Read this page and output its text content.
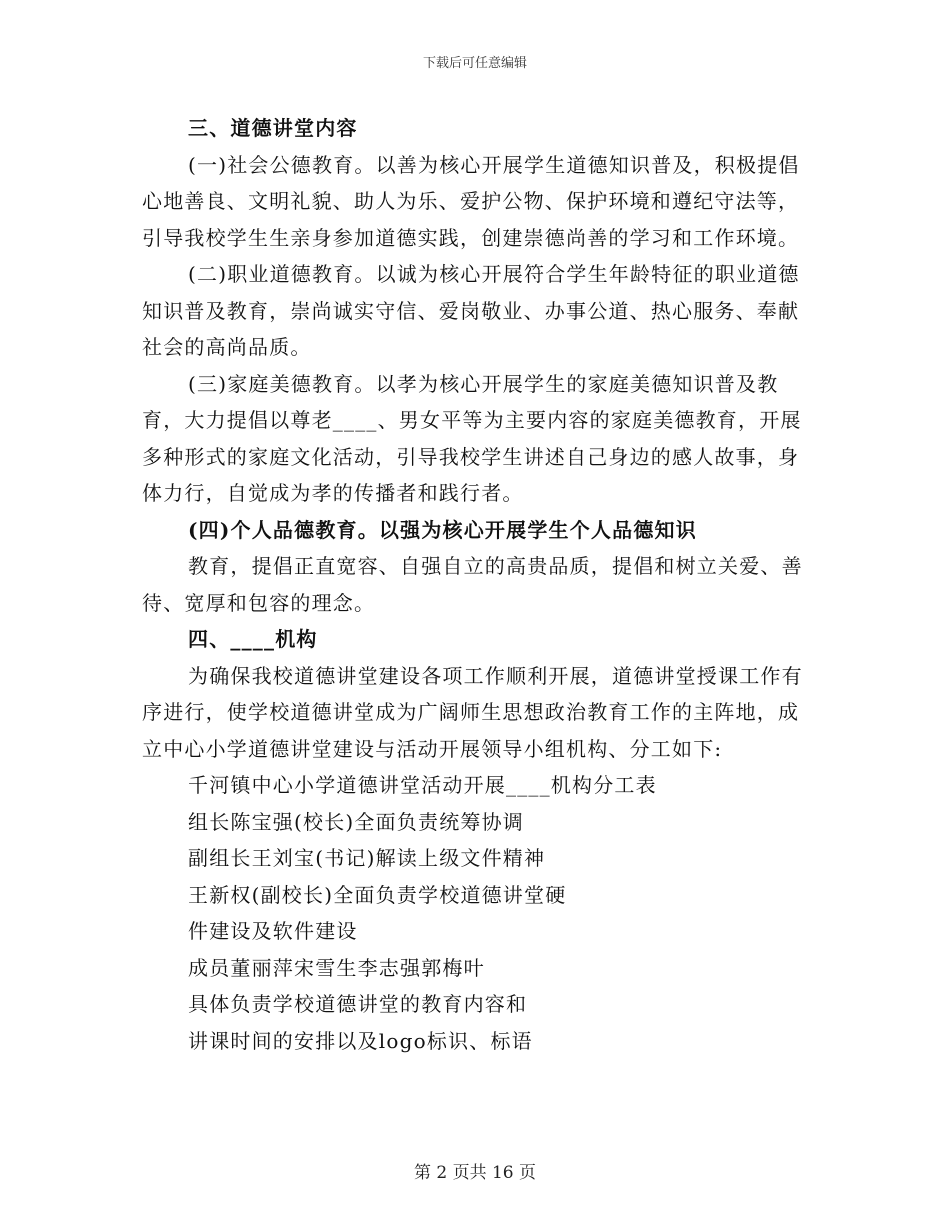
下载后可任意编辑

三、道德讲堂内容

(一)社会公德教育。以善为核心开展学生道德知识普及，积极提倡心地善良、文明礼貌、助人为乐、爱护公物、保护环境和遵纪守法等，引导我校学生生亲身参加道德实践，创建崇德尚善的学习和工作环境。

(二)职业道德教育。以诚为核心开展符合学生年龄特征的职业道德知识普及教育，崇尚诚实守信、爱岗敬业、办事公道、热心服务、奉献社会的高尚品质。

(三)家庭美德教育。以孝为核心开展学生的家庭美德知识普及教育，大力提倡以尊老____、男女平等为主要内容的家庭美德教育，开展多种形式的家庭文化活动，引导我校学生讲述自己身边的感人故事，身体力行，自觉成为孝的传播者和践行者。

(四)个人品德教育。以强为核心开展学生个人品德知识

教育，提倡正直宽容、自强自立的高贵品质，提倡和树立关爱、善待、宽厚和包容的理念。

四、____机构

为确保我校道德讲堂建设各项工作顺利开展，道德讲堂授课工作有序进行，使学校道德讲堂成为广阔师生思想政治教育工作的主阵地，成立中心小学道德讲堂建设与活动开展领导小组机构、分工如下:

千河镇中心小学道德讲堂活动开展____机构分工表

组长陈宝强(校长)全面负责统筹协调

副组长王刘宝(书记)解读上级文件精神

王新权(副校长)全面负责学校道德讲堂硬

件建设及软件建设

成员董丽萍宋雪生李志强郭梅叶

具体负责学校道德讲堂的教育内容和

讲课时间的安排以及logo标识、标语

第 2 页共 16 页
